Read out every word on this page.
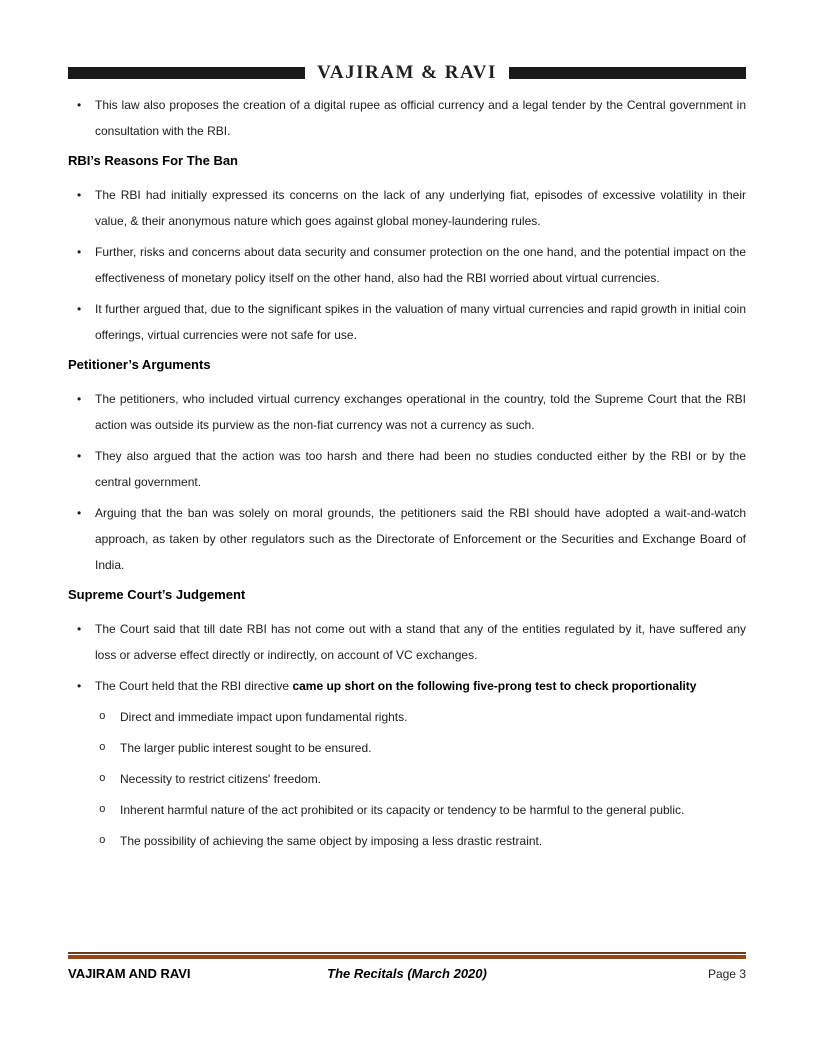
VAJIRAM & RAVI
•	This law also proposes the creation of a digital rupee as official currency and a legal tender by the Central government in consultation with the RBI.
RBI’s Reasons For The Ban
•	The RBI had initially expressed its concerns on the lack of any underlying fiat, episodes of excessive volatility in their value, & their anonymous nature which goes against global money-laundering rules.
•	Further, risks and concerns about data security and consumer protection on the one hand, and the potential impact on the effectiveness of monetary policy itself on the other hand, also had the RBI worried about virtual currencies.
•	It further argued that, due to the significant spikes in the valuation of many virtual currencies and rapid growth in initial coin offerings, virtual currencies were not safe for use.
Petitioner’s Arguments
•	The petitioners, who included virtual currency exchanges operational in the country, told the Supreme Court that the RBI action was outside its purview as the non-fiat currency was not a currency as such.
•	They also argued that the action was too harsh and there had been no studies conducted either by the RBI or by the central government.
•	Arguing that the ban was solely on moral grounds, the petitioners said the RBI should have adopted a wait-and-watch approach, as taken by other regulators such as the Directorate of Enforcement or the Securities and Exchange Board of India.
Supreme Court’s Judgement
•	The Court said that till date RBI has not come out with a stand that any of the entities regulated by it, have suffered any loss or adverse effect directly or indirectly, on account of VC exchanges.
•	The Court held that the RBI directive came up short on the following five-prong test to check proportionality
o	Direct and immediate impact upon fundamental rights.
o	The larger public interest sought to be ensured.
o	Necessity to restrict citizens' freedom.
o	Inherent harmful nature of the act prohibited or its capacity or tendency to be harmful to the general public.
o	The possibility of achieving the same object by imposing a less drastic restraint.
VAJIRAM AND RAVI	The Recitals (March 2020)	Page 3
